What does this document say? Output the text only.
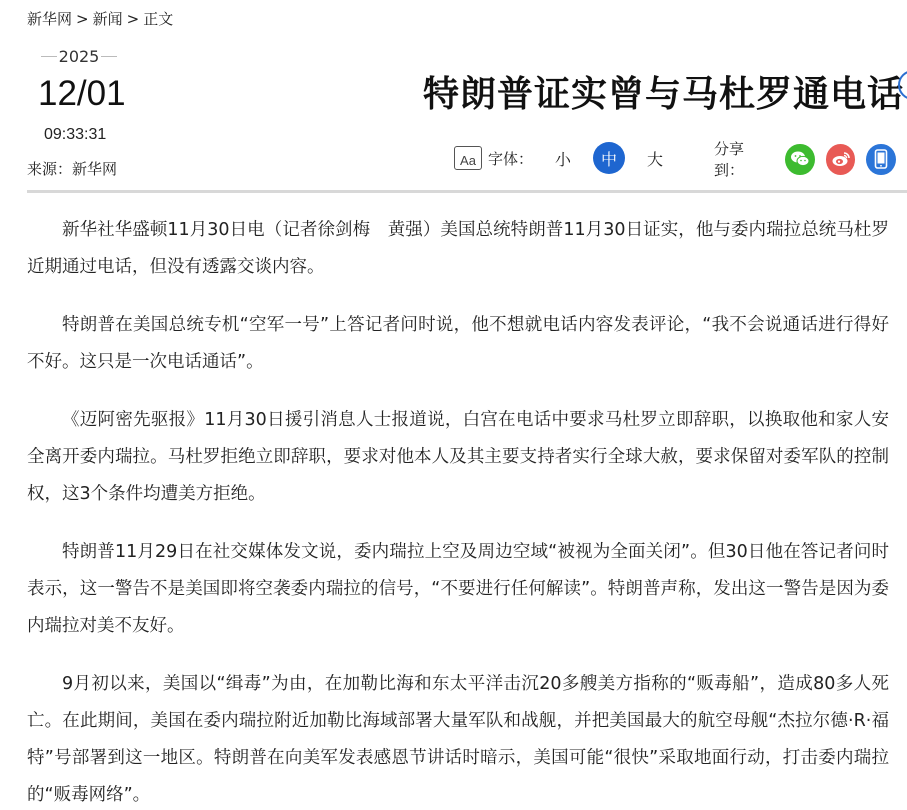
新华网 > 新闻 > 正文
2025
12/01
09:33:31
来源：新华网
特朗普证实曾与马杜罗通电话
Aa 字体：	小	中	大
分享到：

新华社华盛顿11月30日电（记者徐剑梅　黄强）美国总统特朗普11月30日证实，他与委内瑞拉总统马杜罗近期通过电话，但没有透露交谈内容。

特朗普在美国总统专机“空军一号”上答记者问时说，他不想就电话内容发表评论，“我不会说通话进行得好不好。这只是一次电话通话”。

《迈阿密先驱报》11月30日援引消息人士报道说，白宫在电话中要求马杜罗立即辞职，以换取他和家人安全离开委内瑞拉。马杜罗拒绝立即辞职，要求对他本人及其主要支持者实行全球大赦，要求保留对委军队的控制权，这3个条件均遭美方拒绝。

特朗普11月29日在社交媒体发文说，委内瑞拉上空及周边空域“被视为全面关闭”。但30日他在答记者问时表示，这一警告不是美国即将空袭委内瑞拉的信号，“不要进行任何解读”。特朗普声称，发出这一警告是因为委内瑞拉对美不友好。

9月初以来，美国以“缉毒”为由，在加勒比海和东太平洋击沉20多艘美方指称的“贩毒船”，造成80多人死亡。在此期间，美国在委内瑞拉附近加勒比海域部署大量军队和战舰，并把美国最大的航空母舰“杰拉尔德·R·福特”号部署到这一地区。特朗普在向美军发表感恩节讲话时暗示，美国可能“很快”采取地面行动，打击委内瑞拉的“贩毒网络”。
